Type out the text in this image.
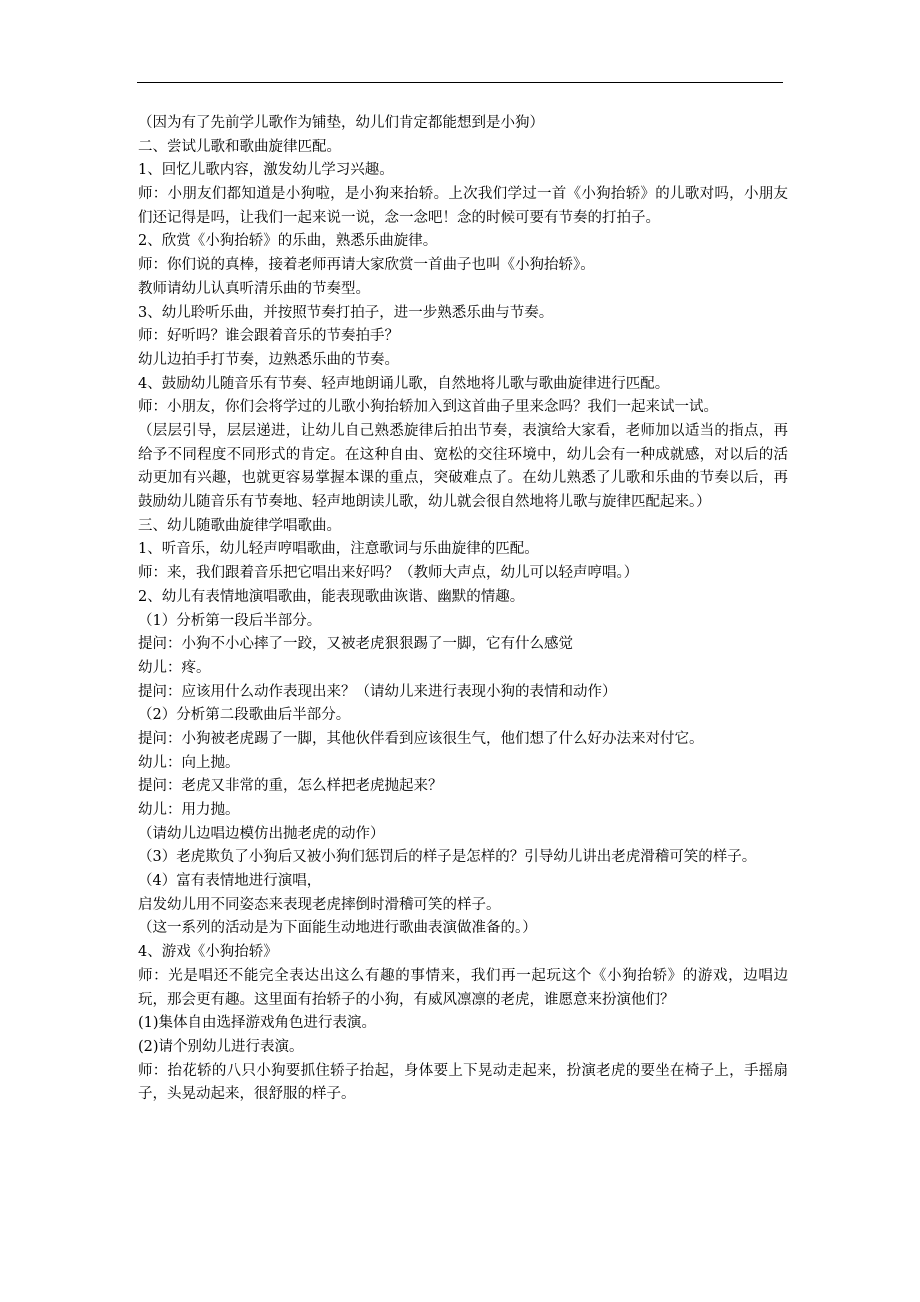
（因为有了先前学儿歌作为铺垫，幼儿们肯定都能想到是小狗）
二、尝试儿歌和歌曲旋律匹配。
1、回忆儿歌内容，激发幼儿学习兴趣。
师：小朋友们都知道是小狗啦，是小狗来抬轿。上次我们学过一首《小狗抬轿》的儿歌对吗，小朋友们还记得是吗，让我们一起来说一说，念一念吧！念的时候可要有节奏的打拍子。
2、欣赏《小狗抬轿》的乐曲，熟悉乐曲旋律。
师：你们说的真棒，接着老师再请大家欣赏一首曲子也叫《小狗抬轿》。
教师请幼儿认真听清乐曲的节奏型。
3、幼儿聆听乐曲，并按照节奏打拍子，进一步熟悉乐曲与节奏。
师：好听吗？谁会跟着音乐的节奏拍手？
幼儿边拍手打节奏，边熟悉乐曲的节奏。
4、鼓励幼儿随音乐有节奏、轻声地朗诵儿歌，自然地将儿歌与歌曲旋律进行匹配。
师：小朋友，你们会将学过的儿歌小狗抬轿加入到这首曲子里来念吗？我们一起来试一试。
（层层引导，层层递进，让幼儿自己熟悉旋律后拍出节奏，表演给大家看，老师加以适当的指点，再给予不同程度不同形式的肯定。在这种自由、宽松的交往环境中，幼儿会有一种成就感，对以后的活动更加有兴趣，也就更容易掌握本课的重点，突破难点了。在幼儿熟悉了儿歌和乐曲的节奏以后，再鼓励幼儿随音乐有节奏地、轻声地朗读儿歌，幼儿就会很自然地将儿歌与旋律匹配起来。）
三、幼儿随歌曲旋律学唱歌曲。
1、听音乐，幼儿轻声哼唱歌曲，注意歌词与乐曲旋律的匹配。
师：来，我们跟着音乐把它唱出来好吗？（教师大声点，幼儿可以轻声哼唱。）
2、幼儿有表情地演唱歌曲，能表现歌曲诙谐、幽默的情趣。
（1）分析第一段后半部分。
提问：小狗不小心摔了一跤，又被老虎狠狠踢了一脚，它有什么感觉
幼儿：疼。
提问：应该用什么动作表现出来？（请幼儿来进行表现小狗的表情和动作）
（2）分析第二段歌曲后半部分。
提问：小狗被老虎踢了一脚，其他伙伴看到应该很生气，他们想了什么好办法来对付它。
幼儿：向上抛。
提问：老虎又非常的重，怎么样把老虎抛起来？
幼儿：用力抛。
（请幼儿边唱边模仿出抛老虎的动作）
（3）老虎欺负了小狗后又被小狗们惩罚后的样子是怎样的？引导幼儿讲出老虎滑稽可笑的样子。
（4）富有表情地进行演唱，
启发幼儿用不同姿态来表现老虎摔倒时滑稽可笑的样子。
（这一系列的活动是为下面能生动地进行歌曲表演做准备的。）
4、游戏《小狗抬轿》
师：光是唱还不能完全表达出这么有趣的事情来，我们再一起玩这个《小狗抬轿》的游戏，边唱边玩，那会更有趣。这里面有抬轿子的小狗，有威风凛凛的老虎，谁愿意来扮演他们？
(1)集体自由选择游戏角色进行表演。
(2)请个别幼儿进行表演。
师：抬花轿的八只小狗要抓住轿子抬起，身体要上下晃动走起来，扮演老虎的要坐在椅子上，手摇扇子，头晃动起来，很舒服的样子。
